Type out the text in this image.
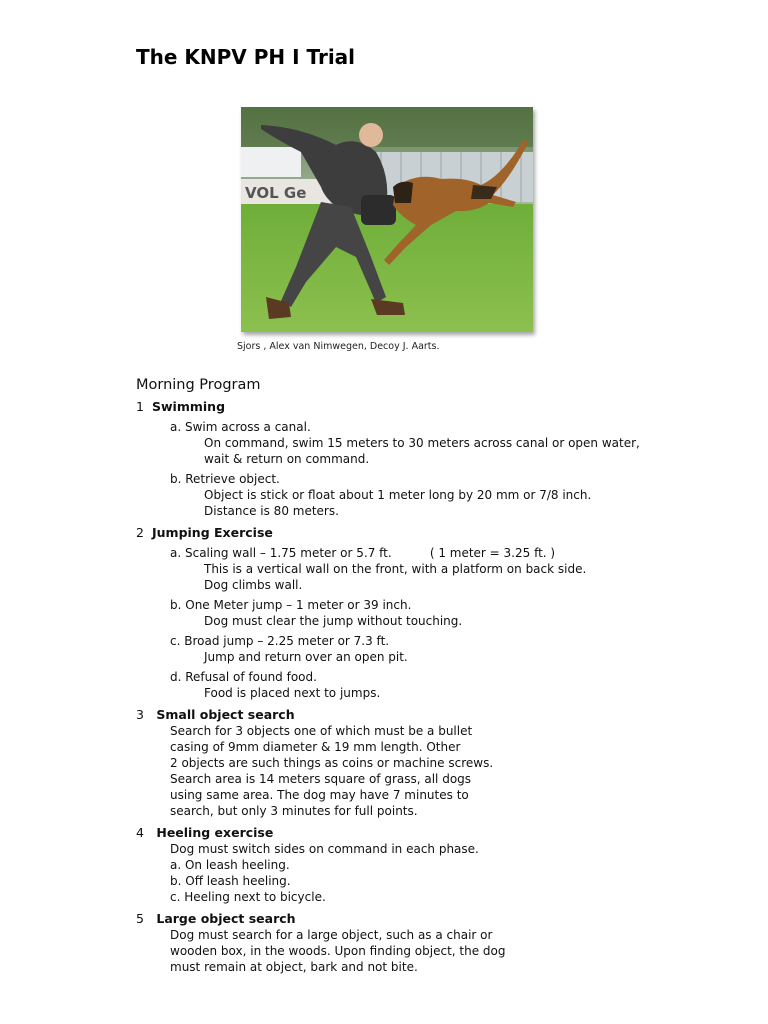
The KNPV PH I Trial
VOL Ge
Sjors , Alex van Nimwegen, Decoy J. Aarts.
Morning Program
1 Swimming
a. Swim across a canal.
On command, swim 15 meters to 30 meters across canal or open water,
wait & return on command.
b. Retrieve object.
Object is stick or float about 1 meter long by 20 mm or 7/8 inch.
Distance is 80 meters.
2 Jumping Exercise
a. Scaling wall – 1.75 meter or 5.7 ft.          ( 1 meter = 3.25 ft. )
This is a vertical wall on the front, with a platform on back side.
Dog climbs wall.
b. One Meter jump – 1 meter or 39 inch.
Dog must clear the jump without touching.
c. Broad jump – 2.25 meter or 7.3 ft.
Jump and return over an open pit.
d. Refusal of found food.
Food is placed next to jumps.
3 Small object search
Search for 3 objects one of which must be a bullet
casing of 9mm diameter & 19 mm length. Other
2 objects are such things as coins or machine screws.
Search area is 14 meters square of grass, all dogs
using same area. The dog may have 7 minutes to
search, but only 3 minutes for full points.
4 Heeling exercise
Dog must switch sides on command in each phase.
a. On leash heeling.
b. Off leash heeling.
c. Heeling next to bicycle.
5 Large object search
Dog must search for a large object, such as a chair or
wooden box, in the woods. Upon finding object, the dog
must remain at object, bark and not bite.
